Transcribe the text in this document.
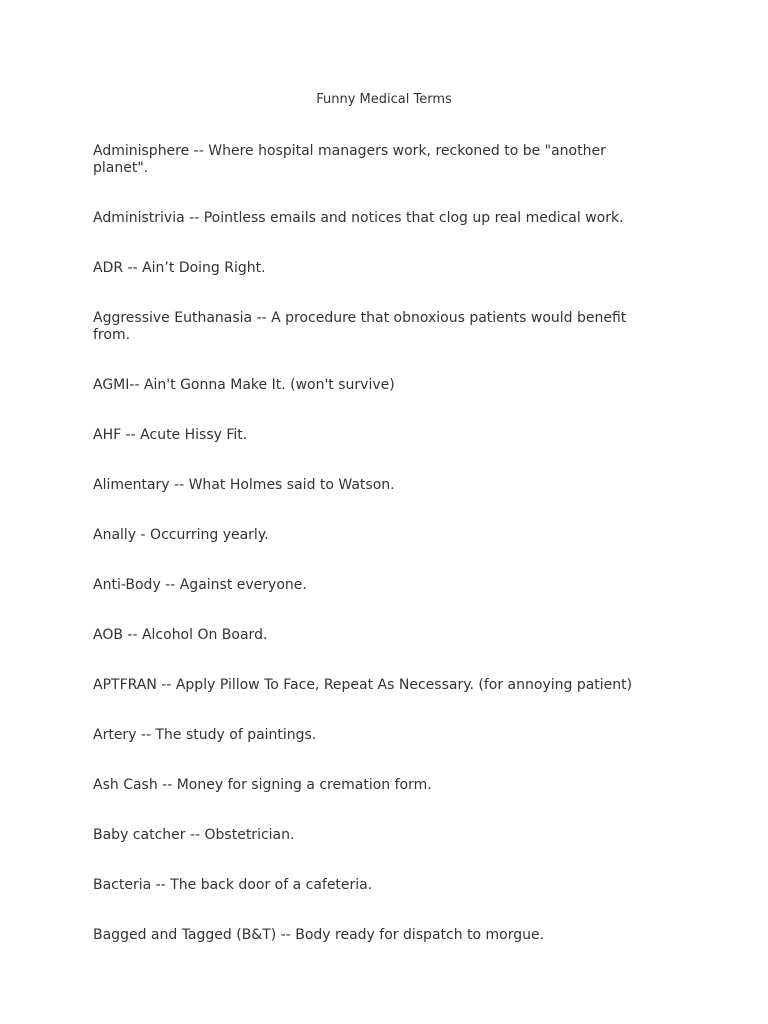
Funny Medical Terms
Adminisphere -- Where hospital managers work, reckoned to be "another planet".
Administrivia -- Pointless emails and notices that clog up real medical work.
ADR -- Ain’t Doing Right.
Aggressive Euthanasia -- A procedure that obnoxious patients would benefit from.
AGMI-- Ain't Gonna Make It. (won't survive)
AHF -- Acute Hissy Fit.
Alimentary -- What Holmes said to Watson.
Anally - Occurring yearly.
Anti-Body -- Against everyone.
AOB -- Alcohol On Board.
APTFRAN -- Apply Pillow To Face, Repeat As Necessary. (for annoying patient)
Artery -- The study of paintings.
Ash Cash -- Money for signing a cremation form.
Baby catcher -- Obstetrician.
Bacteria -- The back door of a cafeteria.
Bagged and Tagged (B&T) -- Body ready for dispatch to morgue.
